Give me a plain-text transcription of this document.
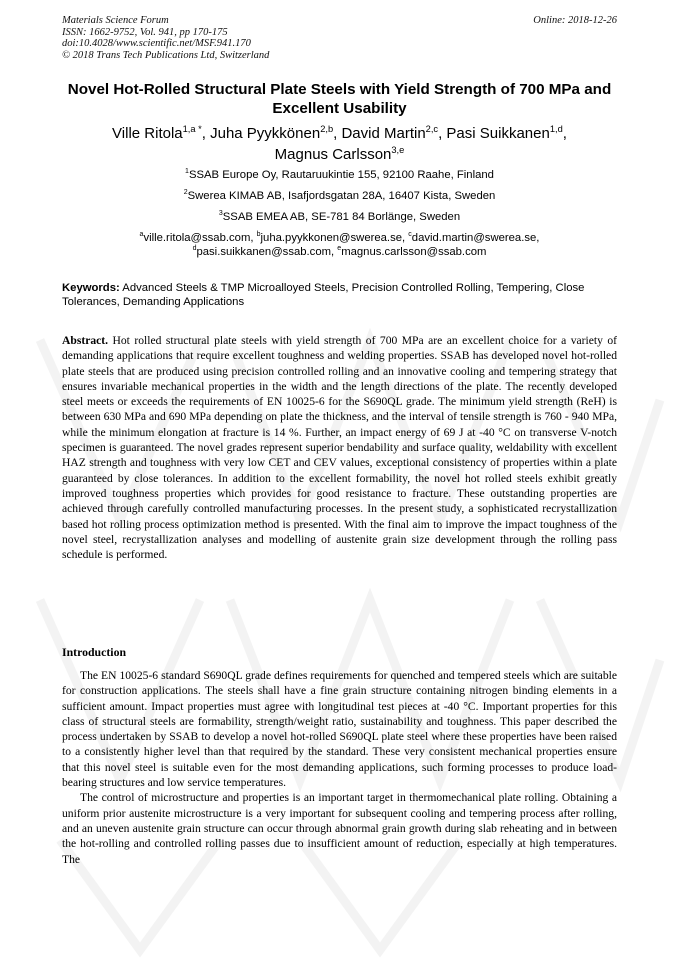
Materials Science Forum
ISSN: 1662-9752, Vol. 941, pp 170-175
doi:10.4028/www.scientific.net/MSF.941.170
© 2018 Trans Tech Publications Ltd, Switzerland
Online: 2018-12-26
Novel Hot-Rolled Structural Plate Steels with Yield Strength of 700 MPa and Excellent Usability
Ville Ritola$^{1,a *}$, Juha Pyykkönen$^{2,b}$, David Martin$^{2,c}$, Pasi Suikkanen$^{1,d}$,
Magnus Carlsson$^{3,e}$
$^1$SSAB Europe Oy, Rautaruukintie 155, 92100 Raahe, Finland
$^2$Swerea KIMAB AB, Isafjordsgatan 28A, 16407 Kista, Sweden
$^3$SSAB EMEA AB, SE-781 84 Borlänge, Sweden
$^a$ville.ritola@ssab.com, $^b$juha.pyykkonen@swerea.se, $^c$david.martin@swerea.se,
$^d$pasi.suikkanen@ssab.com, $^e$magnus.carlsson@ssab.com
Keywords: Advanced Steels & TMP Microalloyed Steels, Precision Controlled Rolling, Tempering, Close Tolerances, Demanding Applications
Abstract. Hot rolled structural plate steels with yield strength of 700 MPa are an excellent choice for a variety of demanding applications that require excellent toughness and welding properties. SSAB has developed novel hot-rolled plate steels that are produced using precision controlled rolling and an innovative cooling and tempering strategy that ensures invariable mechanical properties in the width and the length directions of the plate. The recently developed steel meets or exceeds the requirements of EN 10025-6 for the S690QL grade. The minimum yield strength (ReH) is between 630 MPa and 690 MPa depending on plate the thickness, and the interval of tensile strength is 760 - 940 MPa, while the minimum elongation at fracture is 14 %. Further, an impact energy of 69 J at -40 °C on transverse V-notch specimen is guaranteed. The novel grades represent superior bendability and surface quality, weldability with excellent HAZ strength and toughness with very low CET and CEV values, exceptional consistency of properties within a plate guaranteed by close tolerances. In addition to the excellent formability, the novel hot rolled steels exhibit greatly improved toughness properties which provides for good resistance to fracture. These outstanding properties are achieved through carefully controlled manufacturing processes. In the present study, a sophisticated recrystallization based hot rolling process optimization method is presented. With the final aim to improve the impact toughness of the novel steel, recrystallization analyses and modelling of austenite grain size development through the rolling pass schedule is performed.
Introduction

The EN 10025-6 standard S690QL grade defines requirements for quenched and tempered steels which are suitable for construction applications. The steels shall have a fine grain structure containing nitrogen binding elements in a sufficient amount. Impact properties must agree with longitudinal test pieces at -40 °C. Important properties for this class of structural steels are formability, strength/weight ratio, sustainability and toughness. This paper described the process undertaken by SSAB to develop a novel hot-rolled S690QL plate steel where these properties have been raised to a consistently higher level than that required by the standard. These very consistent mechanical properties ensure that this novel steel is suitable even for the most demanding applications, such forming processes to produce load-bearing structures and low service temperatures.

The control of microstructure and properties is an important target in thermomechanical plate rolling. Obtaining a uniform prior austenite microstructure is a very important for subsequent cooling and tempering process after rolling, and an uneven austenite grain structure can occur through abnormal grain growth during slab reheating and in between the hot-rolling and controlled rolling passes due to insufficient amount of reduction, especially at high temperatures. The
